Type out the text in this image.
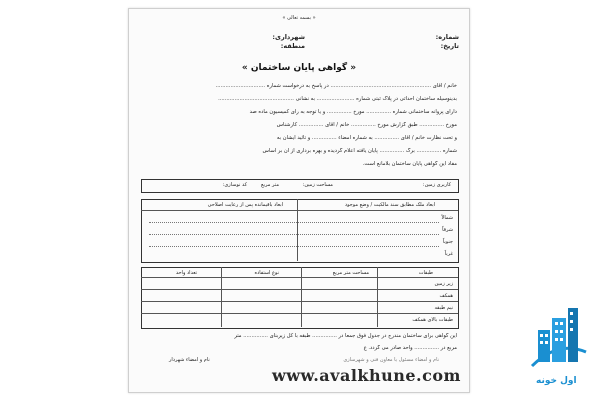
« بسمه تعالی »
شهرداری:
منطقه:
شماره:
تاریخ:
« گواهی پایان ساختمان »
خانم / آقای ............................................................. در پاسخ به درخواست شماره ..............................
بدینوسیله ساختمان احداثی در پلاک ثبتی شماره ....................... به نشانی ..............................................
دارای پروانه ساختمانی شماره ............... مورخ ............... و یا توجه به رای کمیسیون ماده صد
مورخ ............... طبق گزارش مورخ ............... خانم / آقای ............... کارشناس
و تحت نظارت خانم / آقای ............... به شماره امضاء ............... و تائید ایشان به
شماره ............... برگ ............... پایان یافته اعلام گردیده و بهره برداری از آن بر اساس
مفاد این گواهی پایان ساختمان بلامانع است.
کاربری زمین:
مساحت زمین:
متر مربع
کد نوسازی:
ابعاد ملک مطابق سند مالکیت / وضع موجود
ابعاد باقیمانده پس از رعایت اصلاحی
شمالاً
شرقاً
جنوباً
غرباً
طبقات
مساحت متر مربع
نوع استفاده
تعداد واحد
زیر زمین
همکف
نیم طبقه
طبقات بالای همکف
این گواهی برای ساختمان مندرج در جدول فوق جمعاً در ............... طبقه با کل زیربنای ............... متر
مربع در ............... واحد صادر می گردد. ع
نام و امضاء شهردار	نام و امضاء مسئول یا معاون فنی و شهرسازی
www.avalkhune.com	اول خونه
